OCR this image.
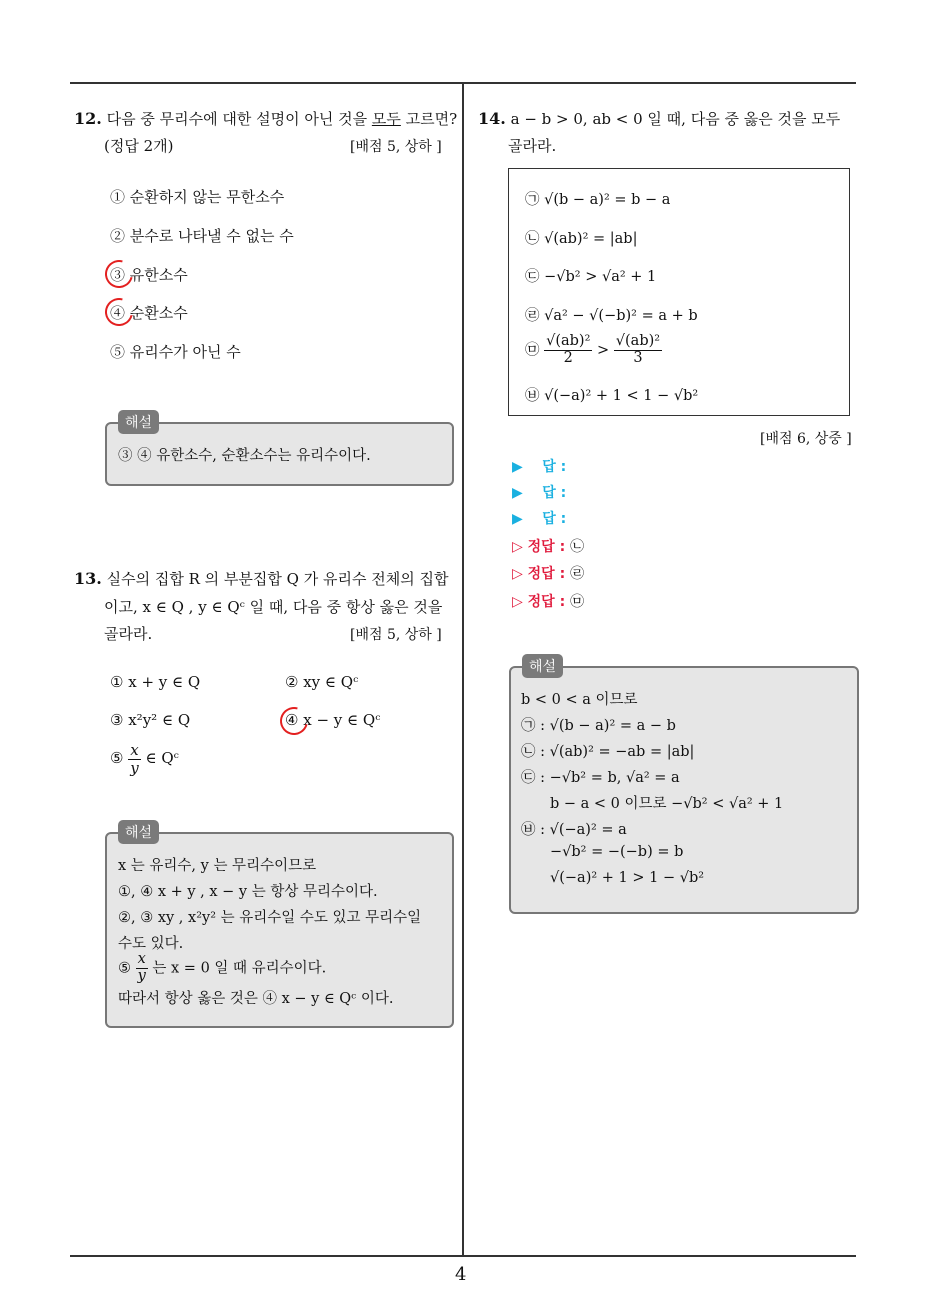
4
12. 다음 중 무리수에 대한 설명이 아닌 것을 모두 고르면?
(정답 2개)	[배점 5, 상하 ]
① 순환하지 않는 무한소수
② 분수로 나타낼 수 없는 수
③ 유한소수
④ 순환소수
⑤ 유리수가 아닌 수
해설
③ ④ 유한소수, 순환소수는 유리수이다.
13. 실수의 집합 R 의 부분집합 Q 가 유리수 전체의 집합
이고, x ∈ Q , y ∈ Qᶜ 일 때, 다음 중 항상 옳은 것을
골라라.	[배점 5, 상하 ]
① x + y ∈ Q	② xy ∈ Qᶜ
③ x²y² ∈ Q	④ x − y ∈ Qᶜ
⑤ $\frac{x}{y}$ ∈ Qᶜ
해설
x 는 유리수, y 는 무리수이므로
①, ④ x + y , x − y 는 항상 무리수이다.
②, ③ xy , x²y² 는 유리수일 수도 있고 무리수일
수도 있다.
⑤ $\frac{x}{y}$ 는 x = 0 일 때 유리수이다.
따라서 항상 옳은 것은 ④ x − y ∈ Qᶜ 이다.
14. a − b > 0, ab < 0 일 때, 다음 중 옳은 것을 모두
골라라.
㉠ √(b − a)² = b − a
㉡ √(ab)² = |ab|
㉢ −√b² > √a² + 1
㉣ √a² − √(−b)² = a + b
㉤ $\frac{\text{√(ab)²}}{2} > \frac{\text{√(ab)²}}{3}$
㉥ √(−a)² + 1 < 1 − √b²
[배점 6, 상중 ]
▶ 답 :
▶ 답 :
▶ 답 :
▷ 정답 : ㉡
▷ 정답 : ㉣
▷ 정답 : ㉤
해설
b < 0 < a 이므로
㉠ : √(b − a)² = a − b
㉡ : √(ab)² = −ab = |ab|
㉢ : −√b² = b, √a² = a
b − a < 0 이므로 −√b² < √a² + 1
㉥ : √(−a)² = a
−√b² = −(−b) = b
√(−a)² + 1 > 1 − √b²
